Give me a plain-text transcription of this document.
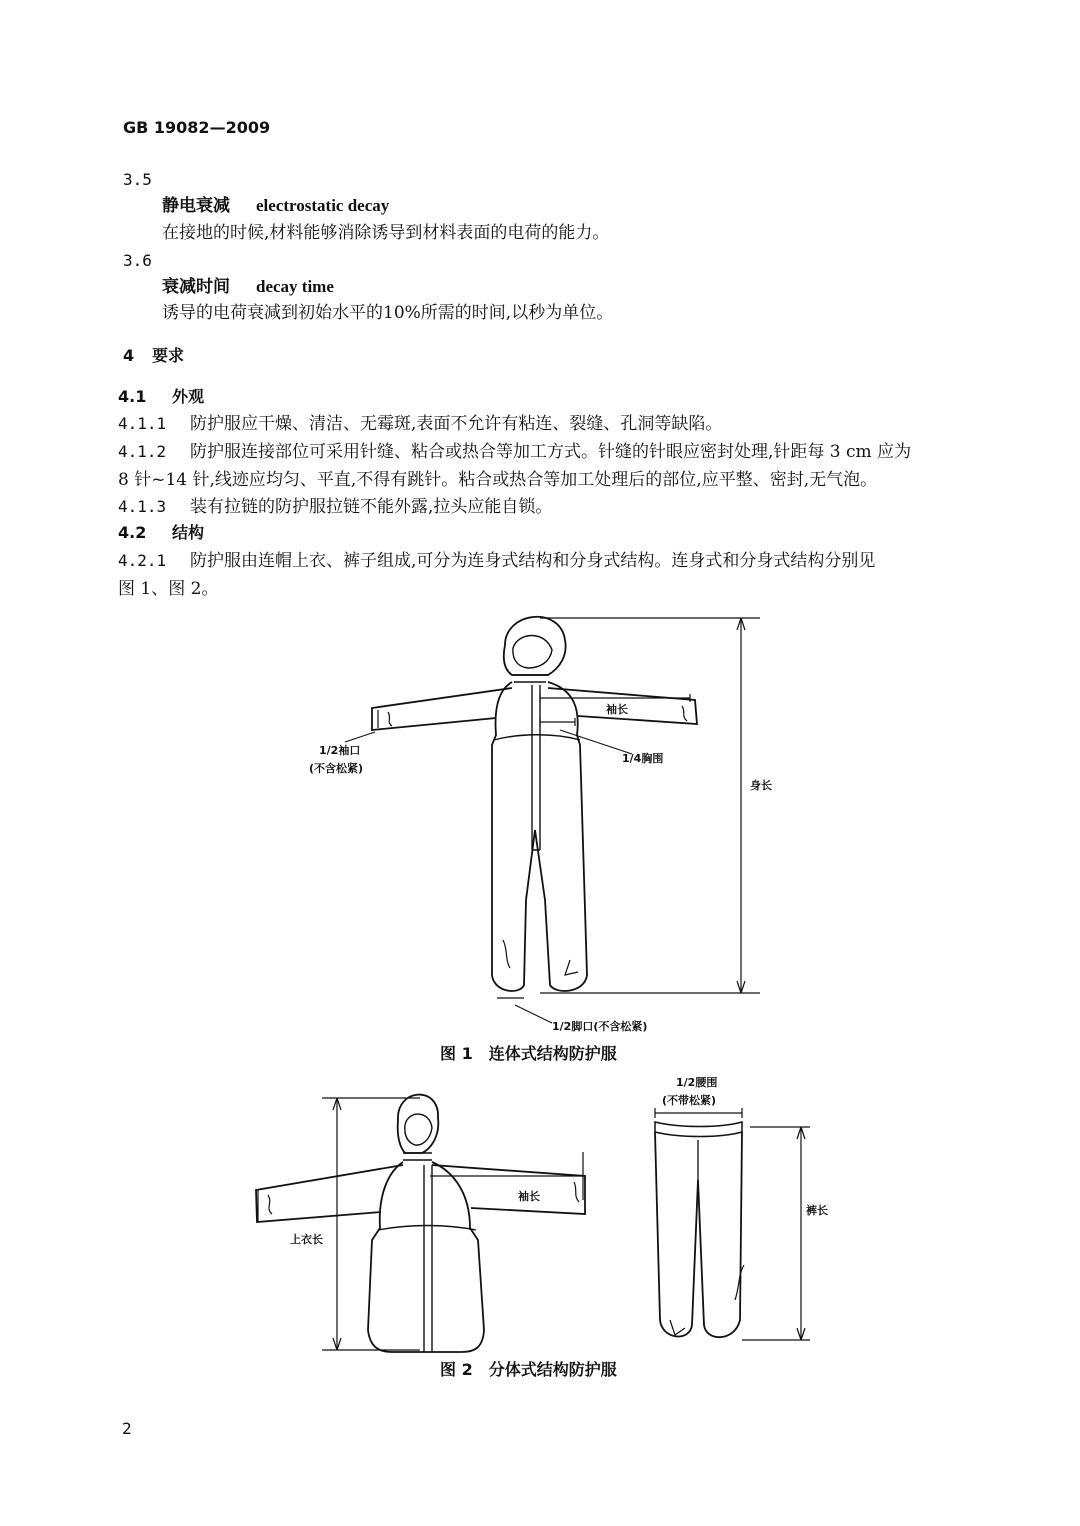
GB 19082—2009
3.5
静电衰减 electrostatic decay
在接地的时候,材料能够消除诱导到材料表面的电荷的能力。
3.6
衰减时间 decay time
诱导的电荷衰减到初始水平的10%所需的时间,以秒为单位。
4 要求
4.1 外观
4.1.1 防护服应干燥、清洁、无霉斑,表面不允许有粘连、裂缝、孔洞等缺陷。
4.1.2 防护服连接部位可采用针缝、粘合或热合等加工方式。针缝的针眼应密封处理,针距每 3 cm 应为
8 针~14 针,线迹应均匀、平直,不得有跳针。粘合或热合等加工处理后的部位,应平整、密封,无气泡。
4.1.3 装有拉链的防护服拉链不能外露,拉头应能自锁。
4.2 结构
4.2.1 防护服由连帽上衣、裤子组成,可分为连身式结构和分身式结构。连身式和分身式结构分别见
图 1、图 2。
袖长
1/2袖口
(不含松紧)
1/4胸围
身长
1/2脚口(不含松紧)
图 1　连体式结构防护服
袖长
上衣长
1/2腰围
(不带松紧)
裤长
图 2　分体式结构防护服
2
